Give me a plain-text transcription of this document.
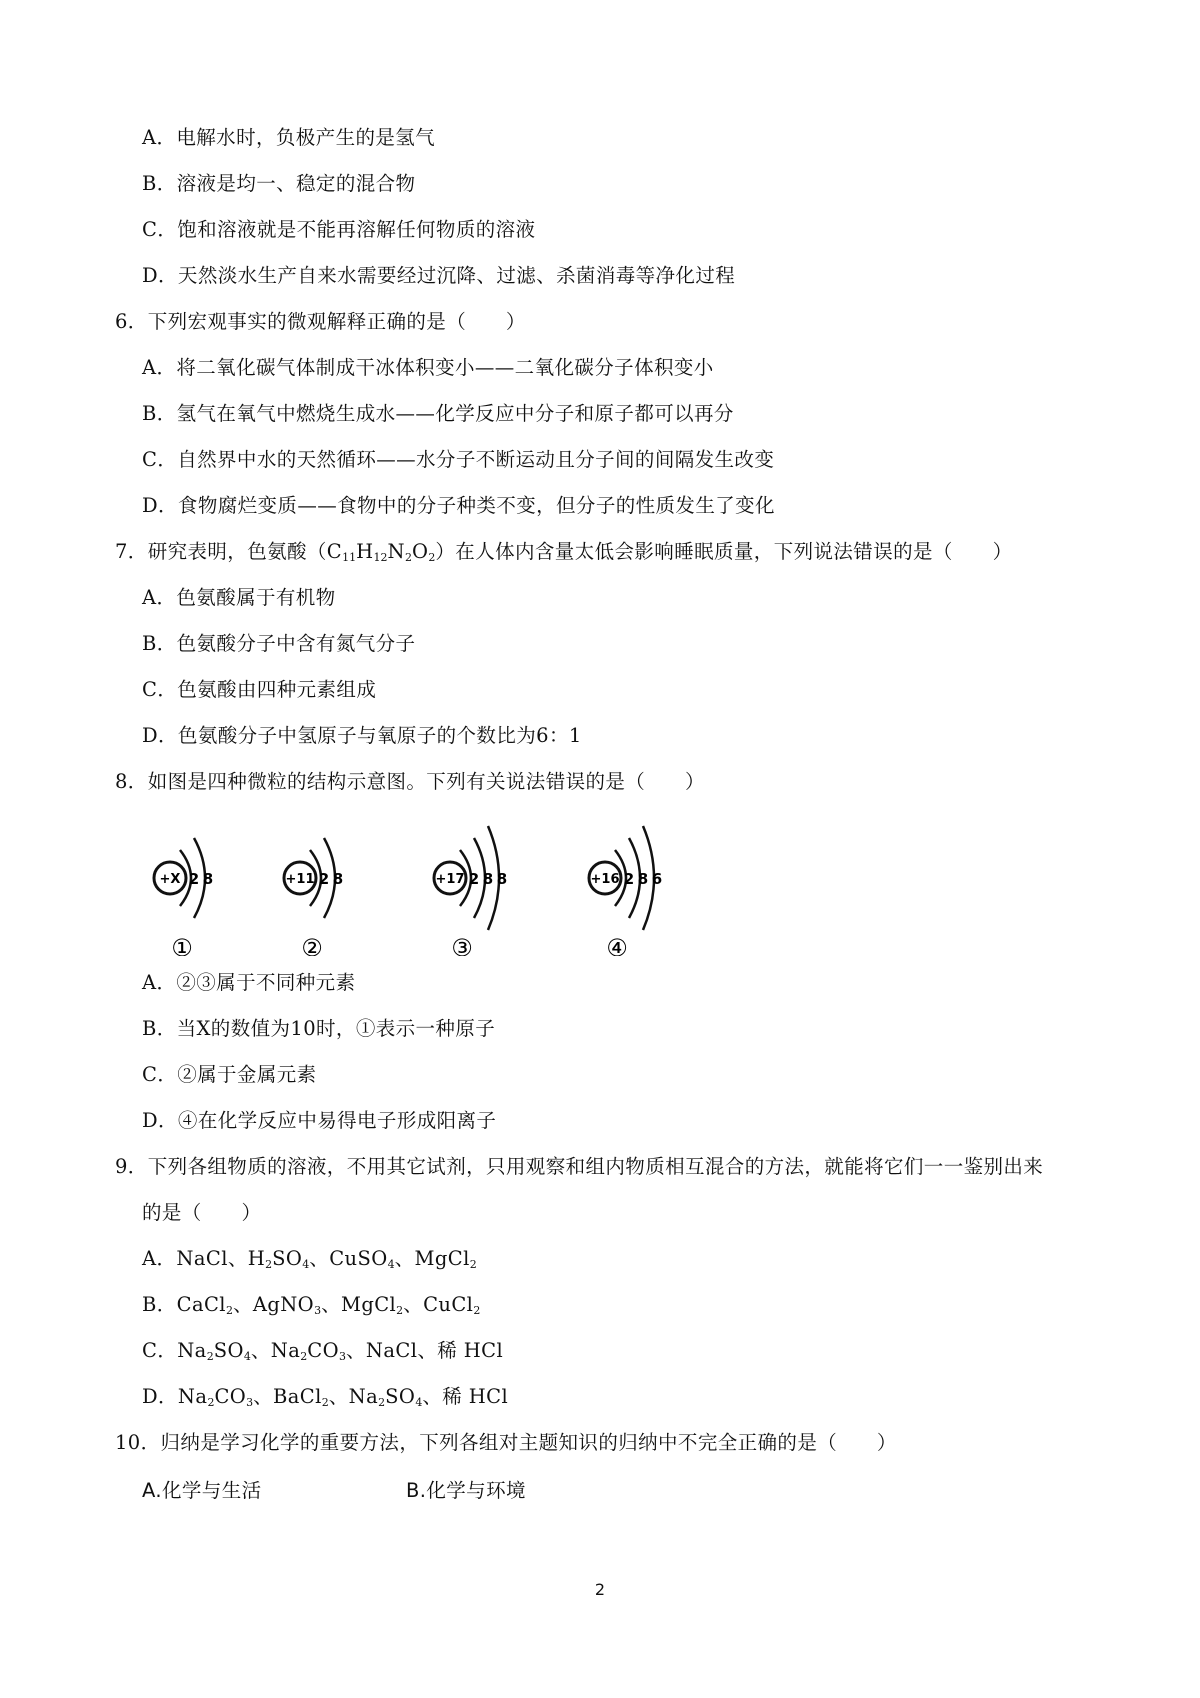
A．电解水时，负极产生的是氢气
B．溶液是均一、稳定的混合物
C．饱和溶液就是不能再溶解任何物质的溶液
D．天然淡水生产自来水需要经过沉降、过滤、杀菌消毒等净化过程
6．下列宏观事实的微观解释正确的是（　　）
A．将二氧化碳气体制成干冰体积变小——二氧化碳分子体积变小
B．氢气在氧气中燃烧生成水——化学反应中分子和原子都可以再分
C．自然界中水的天然循环——水分子不断运动且分子间的间隔发生改变
D．食物腐烂变质——食物中的分子种类不变，但分子的性质发生了变化
7．研究表明，色氨酸$(C_{11}H_{12}N_2O_2)$在人体内含量太低会影响睡眠质量，下列说法错误的是（　　）
A．色氨酸属于有机物
B．色氨酸分子中含有氮气分子
C．色氨酸由四种元素组成
D．色氨酸分子中氢原子与氧原子的个数比为6：1
8．如图是四种微粒的结构示意图。下列有关说法错误的是（　　）
+X 2 8
①
+11 2 8
②
+17 2 8 8
③
+16 2 8 6
④
A．②③属于不同种元素
B．当X的数值为10时，①表示一种原子
C．②属于金属元素
D．④在化学反应中易得电子形成阳离子
9．下列各组物质的溶液，不用其它试剂，只用观察和组内物质相互混合的方法，就能将它们一一鉴别出来
的是（　　）
A．NaCl、$H_2SO_4$、CuSO$_4$、MgCl$_2$
B．CaCl$_2$、AgNO$_3$、MgCl$_2$、CuCl$_2$
C．$Na_2SO_4$、$Na_2CO_3$、NaCl、稀 HCl
D．$Na_2CO_3$、BaCl$_2$、$Na_2SO_4$、稀 HCl
10．归纳是学习化学的重要方法，下列各组对主题知识的归纳中不完全正确的是（　　）
A.化学与生活	B.化学与环境
2
